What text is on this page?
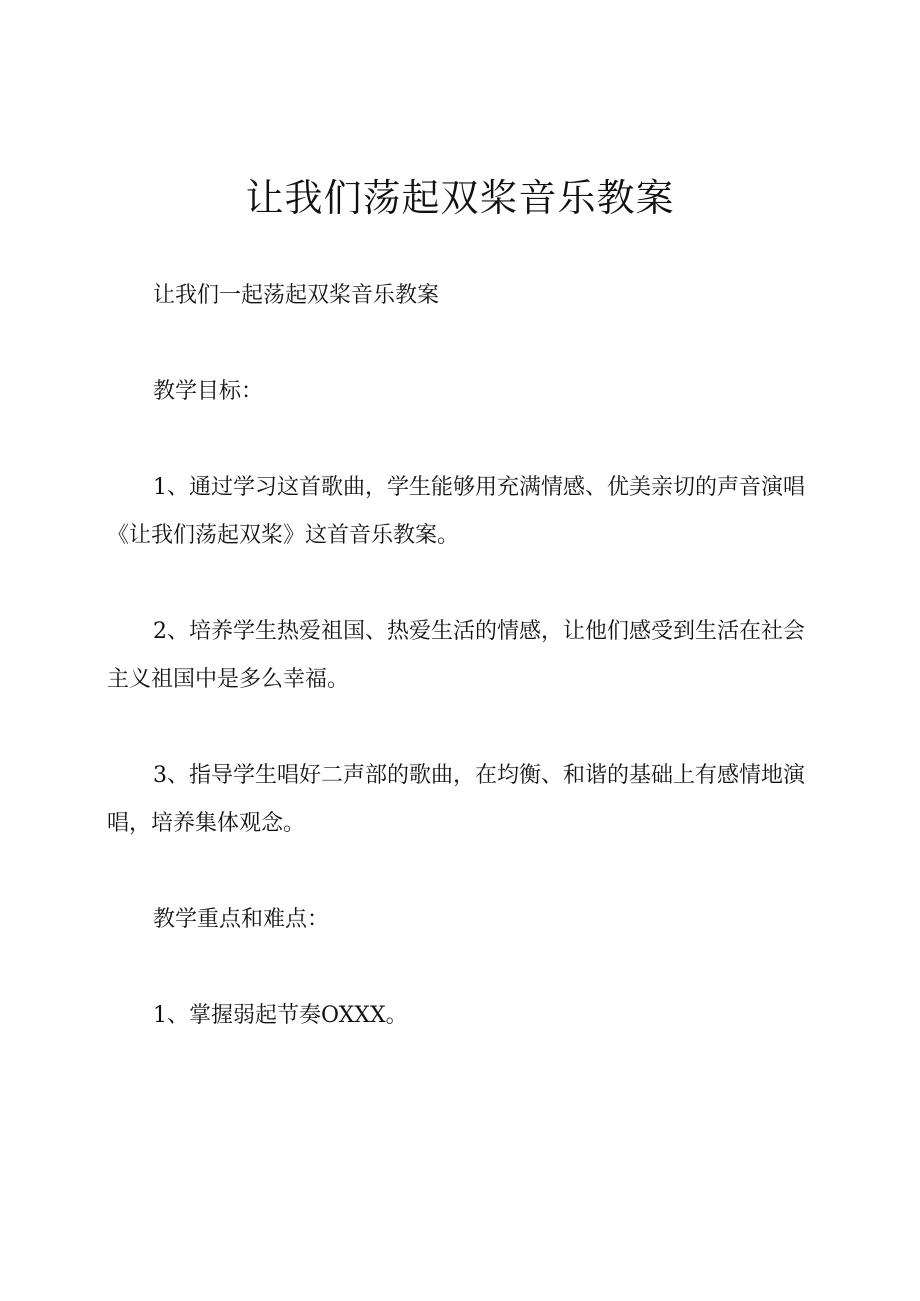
让我们荡起双桨音乐教案

让我们一起荡起双桨音乐教案

教学目标：

1、通过学习这首歌曲，学生能够用充满情感、优美亲切的声音演唱《让我们荡起双桨》这首音乐教案。

2、培养学生热爱祖国、热爱生活的情感，让他们感受到生活在社会主义祖国中是多么幸福。

3、指导学生唱好二声部的歌曲，在均衡、和谐的基础上有感情地演唱，培养集体观念。

教学重点和难点：

1、掌握弱起节奏OXXX。
